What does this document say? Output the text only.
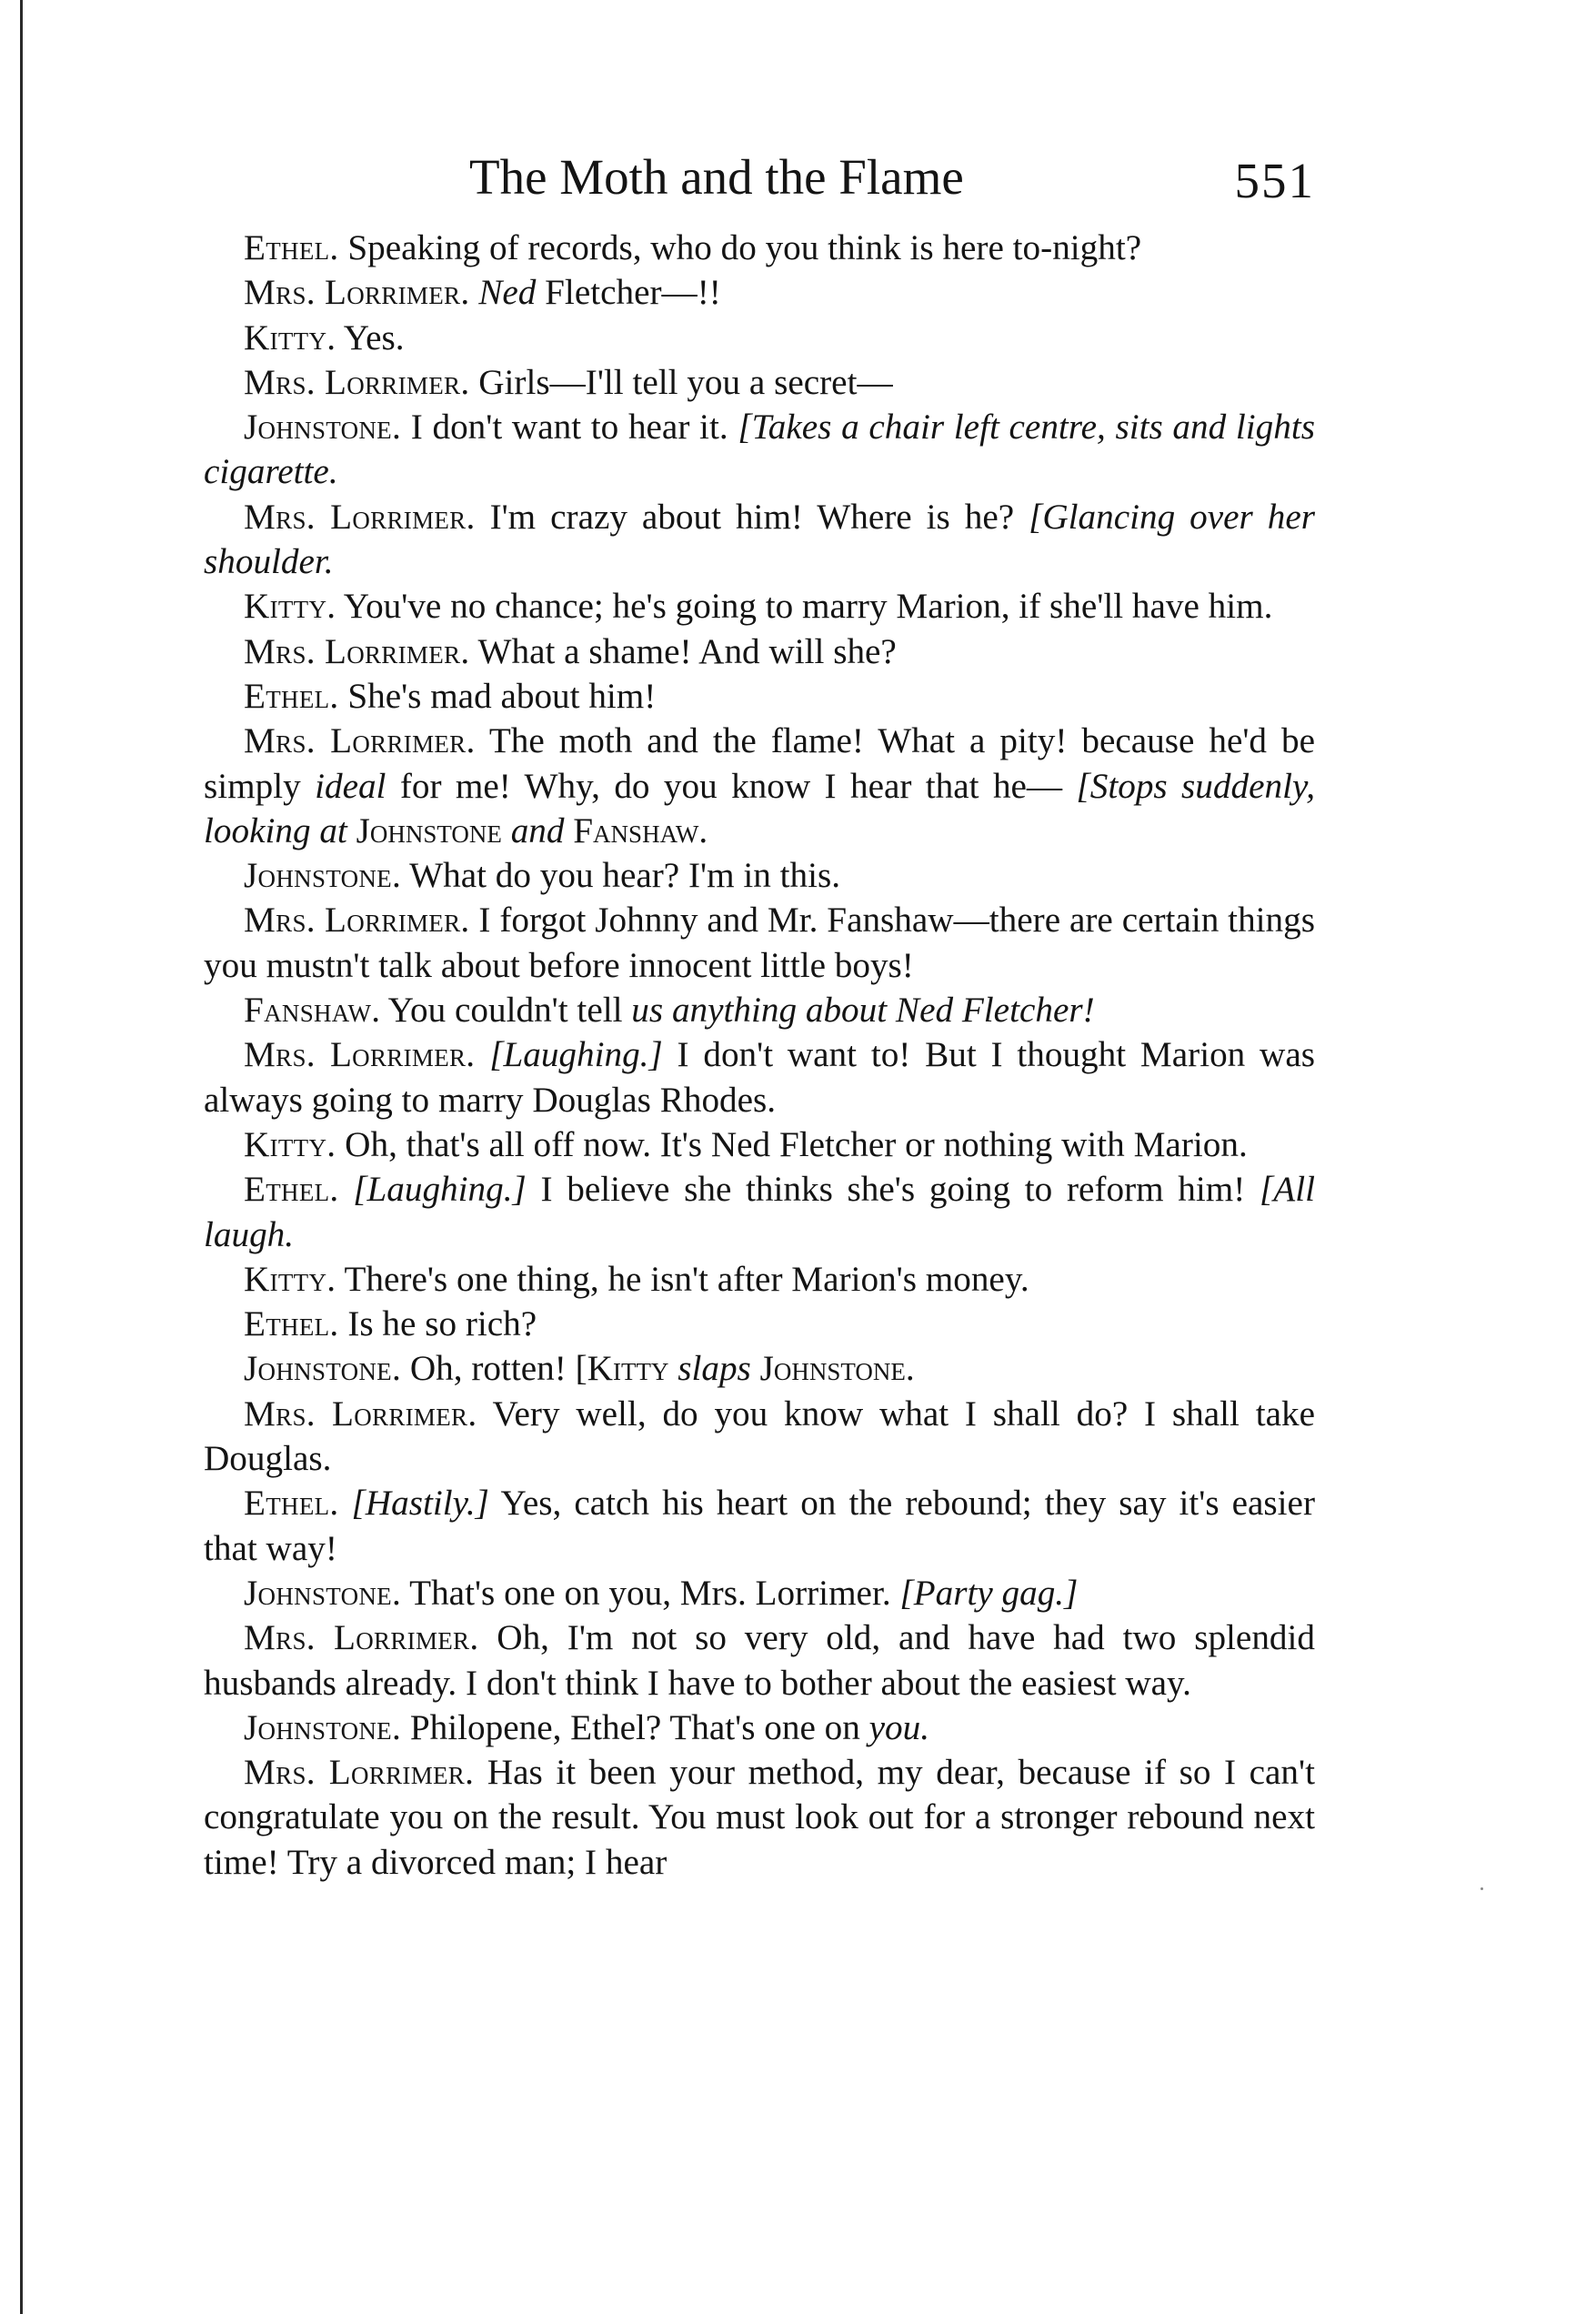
The Moth and the Flame	551

Ethel. Speaking of records, who do you think is here to-night?

Mrs. Lorrimer. Ned Fletcher—!!

Kitty. Yes.

Mrs. Lorrimer. Girls—I'll tell you a secret—

Johnstone. I don't want to hear it. [Takes a chair left centre, sits and lights cigarette.

Mrs. Lorrimer. I'm crazy about him! Where is he? [Glancing over her shoulder.

Kitty. You've no chance; he's going to marry Marion, if she'll have him.

Mrs. Lorrimer. What a shame! And will she?

Ethel. She's mad about him!

Mrs. Lorrimer. The moth and the flame! What a pity! because he'd be simply ideal for me! Why, do you know I hear that he— [Stops suddenly, looking at Johnstone and Fanshaw.

Johnstone. What do you hear? I'm in this.

Mrs. Lorrimer. I forgot Johnny and Mr. Fanshaw—there are certain things you mustn't talk about before innocent little boys!

Fanshaw. You couldn't tell us anything about Ned Fletcher!

Mrs. Lorrimer. [Laughing.] I don't want to! But I thought Marion was always going to marry Douglas Rhodes.

Kitty. Oh, that's all off now. It's Ned Fletcher or nothing with Marion.

Ethel. [Laughing.] I believe she thinks she's going to reform him! [All laugh.

Kitty. There's one thing, he isn't after Marion's money.

Ethel. Is he so rich?

Johnstone. Oh, rotten! [Kitty slaps Johnstone.

Mrs. Lorrimer. Very well, do you know what I shall do? I shall take Douglas.

Ethel. [Hastily.] Yes, catch his heart on the rebound; they say it's easier that way!

Johnstone. That's one on you, Mrs. Lorrimer. [Party gag.]

Mrs. Lorrimer. Oh, I'm not so very old, and have had two splendid husbands already. I don't think I have to bother about the easiest way.

Johnstone. Philopene, Ethel? That's one on you.

Mrs. Lorrimer. Has it been your method, my dear, because if so I can't congratulate you on the result. You must look out for a stronger rebound next time! Try a divorced man; I hear
